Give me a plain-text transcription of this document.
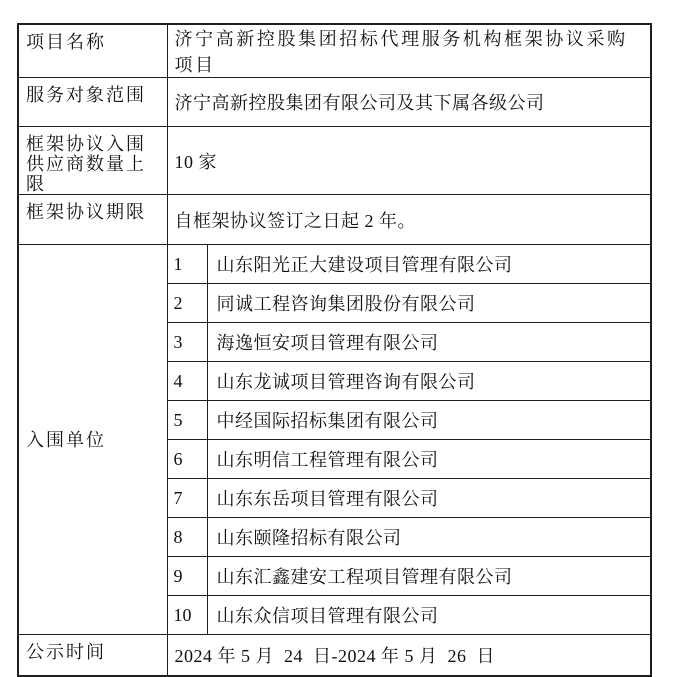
项目名称	济宁高新控股集团招标代理服务机构框架协议采购项目	
服务对象范围	济宁高新控股集团有限公司及其下属各级公司	
框架协议入围供应商数量上限	10 家	
框架协议期限	自框架协议签订之日起 2 年。	
入围单位	1	山东阳光正大建设项目管理有限公司
	2	同诚工程咨询集团股份有限公司
	3	海逸恒安项目管理有限公司
	4	山东龙诚项目管理咨询有限公司
	5	中经国际招标集团有限公司
	6	山东明信工程管理有限公司
	7	山东东岳项目管理有限公司
	8	山东颐隆招标有限公司
	9	山东汇鑫建安工程项目管理有限公司
	10	山东众信项目管理有限公司
公示时间	2024 年 5 月  24  日-2024 年 5 月  26  日	
